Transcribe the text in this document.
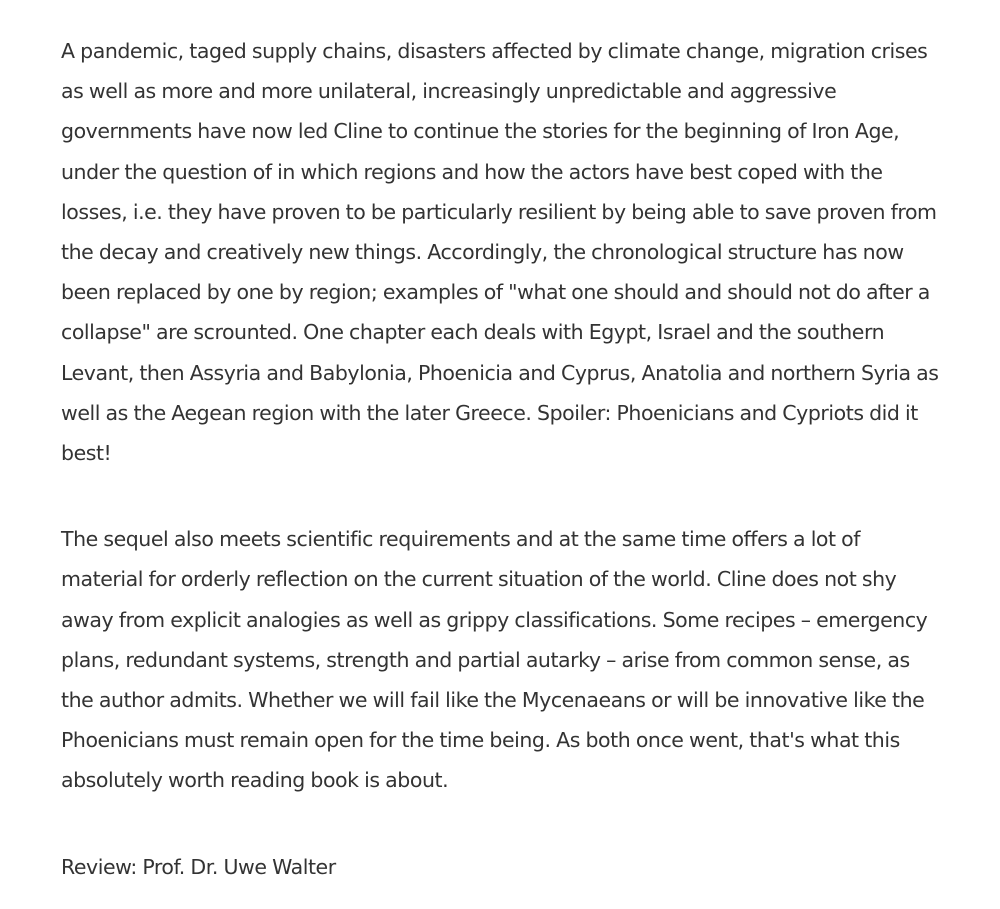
A pandemic, taged supply chains, disasters affected by climate change, migration crises as well as more and more unilateral, increasingly unpredictable and aggressive governments have now led Cline to continue the stories for the beginning of Iron Age, under the question of in which regions and how the actors have best coped with the losses, i.e. they have proven to be particularly resilient by being able to save proven from the decay and creatively new things. Accordingly, the chronological structure has now been replaced by one by region; examples of "what one should and should not do after a collapse" are scrounted. One chapter each deals with Egypt, Israel and the southern Levant, then Assyria and Babylonia, Phoenicia and Cyprus, Anatolia and northern Syria as well as the Aegean region with the later Greece. Spoiler: Phoenicians and Cypriots did it best!

The sequel also meets scientific requirements and at the same time offers a lot of material for orderly reflection on the current situation of the world. Cline does not shy away from explicit analogies as well as grippy classifications. Some recipes – emergency plans, redundant systems, strength and partial autarky – arise from common sense, as the author admits. Whether we will fail like the Mycenaeans or will be innovative like the Phoenicians must remain open for the time being. As both once went, that's what this absolutely worth reading book is about.

Review: Prof. Dr. Uwe Walter
